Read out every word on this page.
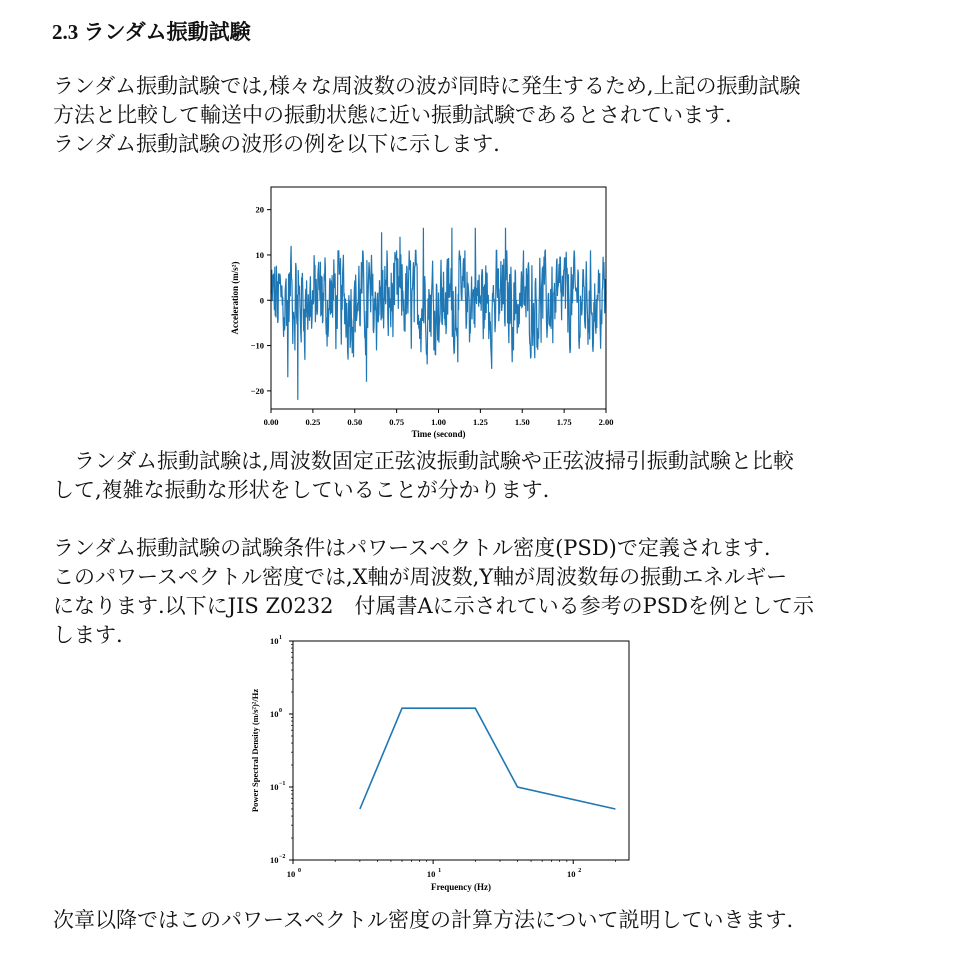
2.3 ランダム振動試験

ランダム振動試験では,様々な周波数の波が同時に発生するため,上記の振動試験
方法と比較して輸送中の振動状態に近い振動試験であるとされています.
ランダム振動試験の波形の例を以下に示します.

0.00	0.25	0.50	0.75	1.00	1.25	1.50	1.75	2.00
20
10
0
−10
−20
Time (second)
Acceleration (m/s²)

　ランダム振動試験は,周波数固定正弦波振動試験や正弦波掃引振動試験と比較
して,複雑な振動な形状をしていることが分かります.

ランダム振動試験の試験条件はパワースペクトル密度(PSD)で定義されます.
このパワースペクトル密度では,X軸が周波数,Y軸が周波数毎の振動エネルギー
になります.以下にJIS Z0232　付属書Aに示されている参考のPSDを例として示
します.

10 0	10 1	10 2
10 1
10 0
10 −1
10 −2
Frequency (Hz)
Power Spectral Density (m/s²)²/Hz

次章以降ではこのパワースペクトル密度の計算方法について説明していきます.
